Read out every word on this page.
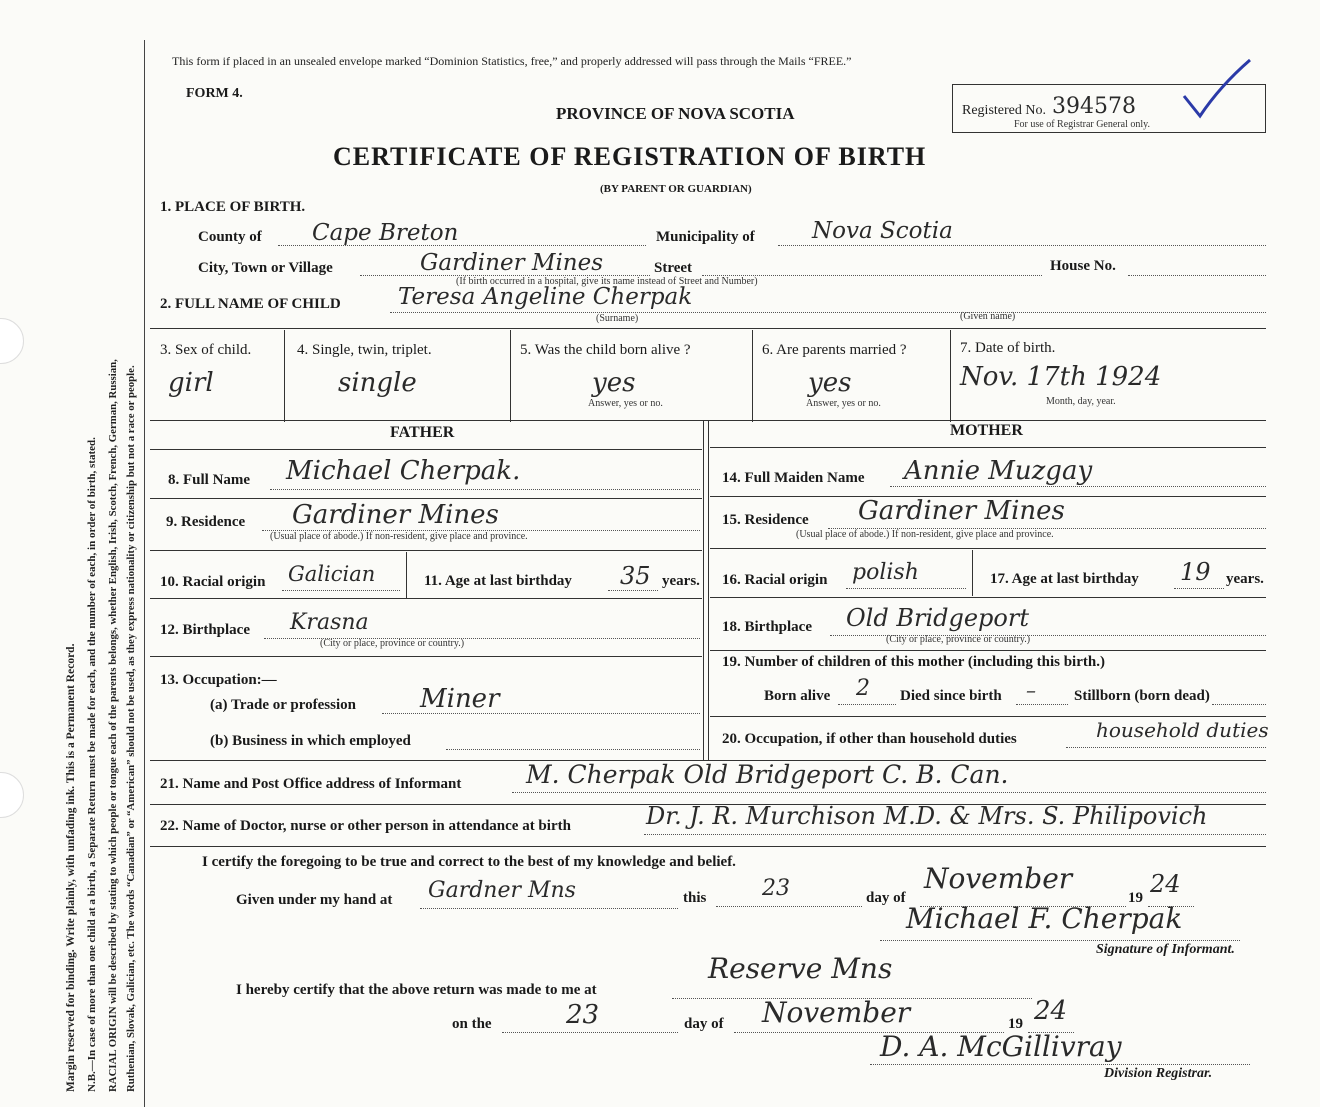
Margin reserved for binding. Write plainly, with unfading ink. This is a Permanent Record. N.B.—In case of more than one child at a birth, a Separate Return must be made for each, and the number of each, in order of birth, stated. RACIAL ORIGIN will be described by stating to which people or tongue each of the parents belongs, whether English, Irish, Scotch, French, German, Russian, Ruthenian, Slovak, Galician, etc. The words “Canadian” or “American” should not be used, as they express nationality or citizenship but not a race or people.
This form if placed in an unsealed envelope marked “Dominion Statistics, free,” and properly addressed will pass through the Mails “FREE.”
FORM 4.
PROVINCE OF NOVA SCOTIA
CERTIFICATE OF REGISTRATION OF BIRTH
(BY PARENT OR GUARDIAN)
Registered No. 394578
For use of Registrar General only.
1. PLACE OF BIRTH.
County of Cape Breton	Municipality of Nova Scotia
City, Town or Village	Gardiner Mines	Street	House No.
(If birth occurred in a hospital, give its name instead of Street and Number)
2. FULL NAME OF CHILD Teresa Angeline Cherpak
(Surname)	(Given name)
3. Sex of child.
girl
4. Single, twin, triplet.
single
5. Was the child born alive ?
yes
Answer, yes or no.
6. Are parents married ?
yes
Answer, yes or no.
7. Date of birth.
Nov. 17th 1924
Month, day, year.
FATHER	MOTHER
8. Full Name Michael Cherpak.
9. Residence Gardiner Mines
(Usual place of abode.) If non-resident, give place and province.
10. Racial origin Galician	11. Age at last birthday 35 years.
12. Birthplace Krasna
(City or place, province or country.)
13. Occupation:—
(a) Trade or profession Miner
(b) Business in which employed
14. Full Maiden Name Annie Muzgay
15. Residence Gardiner Mines
(Usual place of abode.) If non-resident, give place and province.
16. Racial origin polish	17. Age at last birthday 19 years.
18. Birthplace Old Bridgeport
(City or place, province or country.)
19. Number of children of this mother (including this birth.)
Born alive 2 Died since birth –	Stillborn (born dead)
20. Occupation, if other than household duties	household duties
21. Name and Post Office address of Informant	M. Cherpak Old Bridgeport C. B. Can.
22. Name of Doctor, nurse or other person in attendance at birth	Dr. J. R. Murchison M.D. & Mrs. S. Philipovich
I certify the foregoing to be true and correct to the best of my knowledge and belief.
Given under my hand at Gardner Mns	this	23	day of
November
19 24
Michael F. Cherpak
Signature of Informant.
I hereby certify that the above return was made to me at
Reserve Mns
on the	23	day of November	19 24
D. A. McGillivray
Division Registrar.
